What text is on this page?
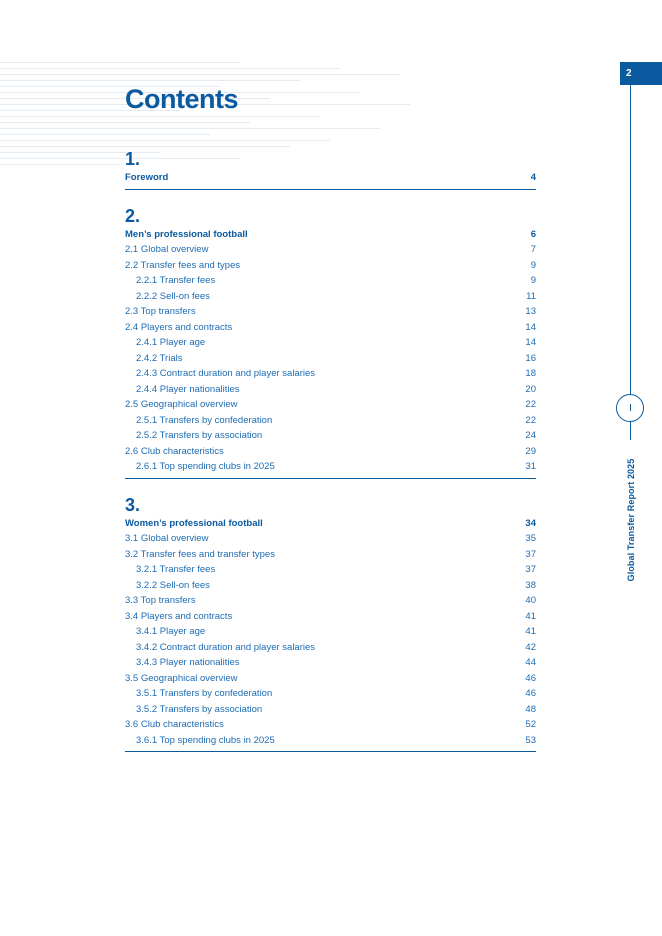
2
Global Transfer Report 2025
Contents
1.
Foreword	4
2.
Men’s professional football	6
2.1 Global overview	7
2.2 Transfer fees and types	9
2.2.1 Transfer fees	9
2.2.2 Sell-on fees	11
2.3 Top transfers	13
2.4 Players and contracts	14
2.4.1 Player age	14
2.4.2 Trials	16
2.4.3 Contract duration and player salaries	18
2.4.4 Player nationalities	20
2.5 Geographical overview	22
2.5.1 Transfers by confederation	22
2.5.2 Transfers by association	24
2.6 Club characteristics	29
2.6.1 Top spending clubs in 2025	31
3.
Women’s professional football	34
3.1 Global overview	35
3.2 Transfer fees and transfer types	37
3.2.1 Transfer fees	37
3.2.2 Sell-on fees	38
3.3 Top transfers	40
3.4 Players and contracts	41
3.4.1 Player age	41
3.4.2 Contract duration and player salaries	42
3.4.3 Player nationalities	44
3.5 Geographical overview	46
3.5.1 Transfers by confederation	46
3.5.2 Transfers by association	48
3.6 Club characteristics	52
3.6.1 Top spending clubs in 2025	53
